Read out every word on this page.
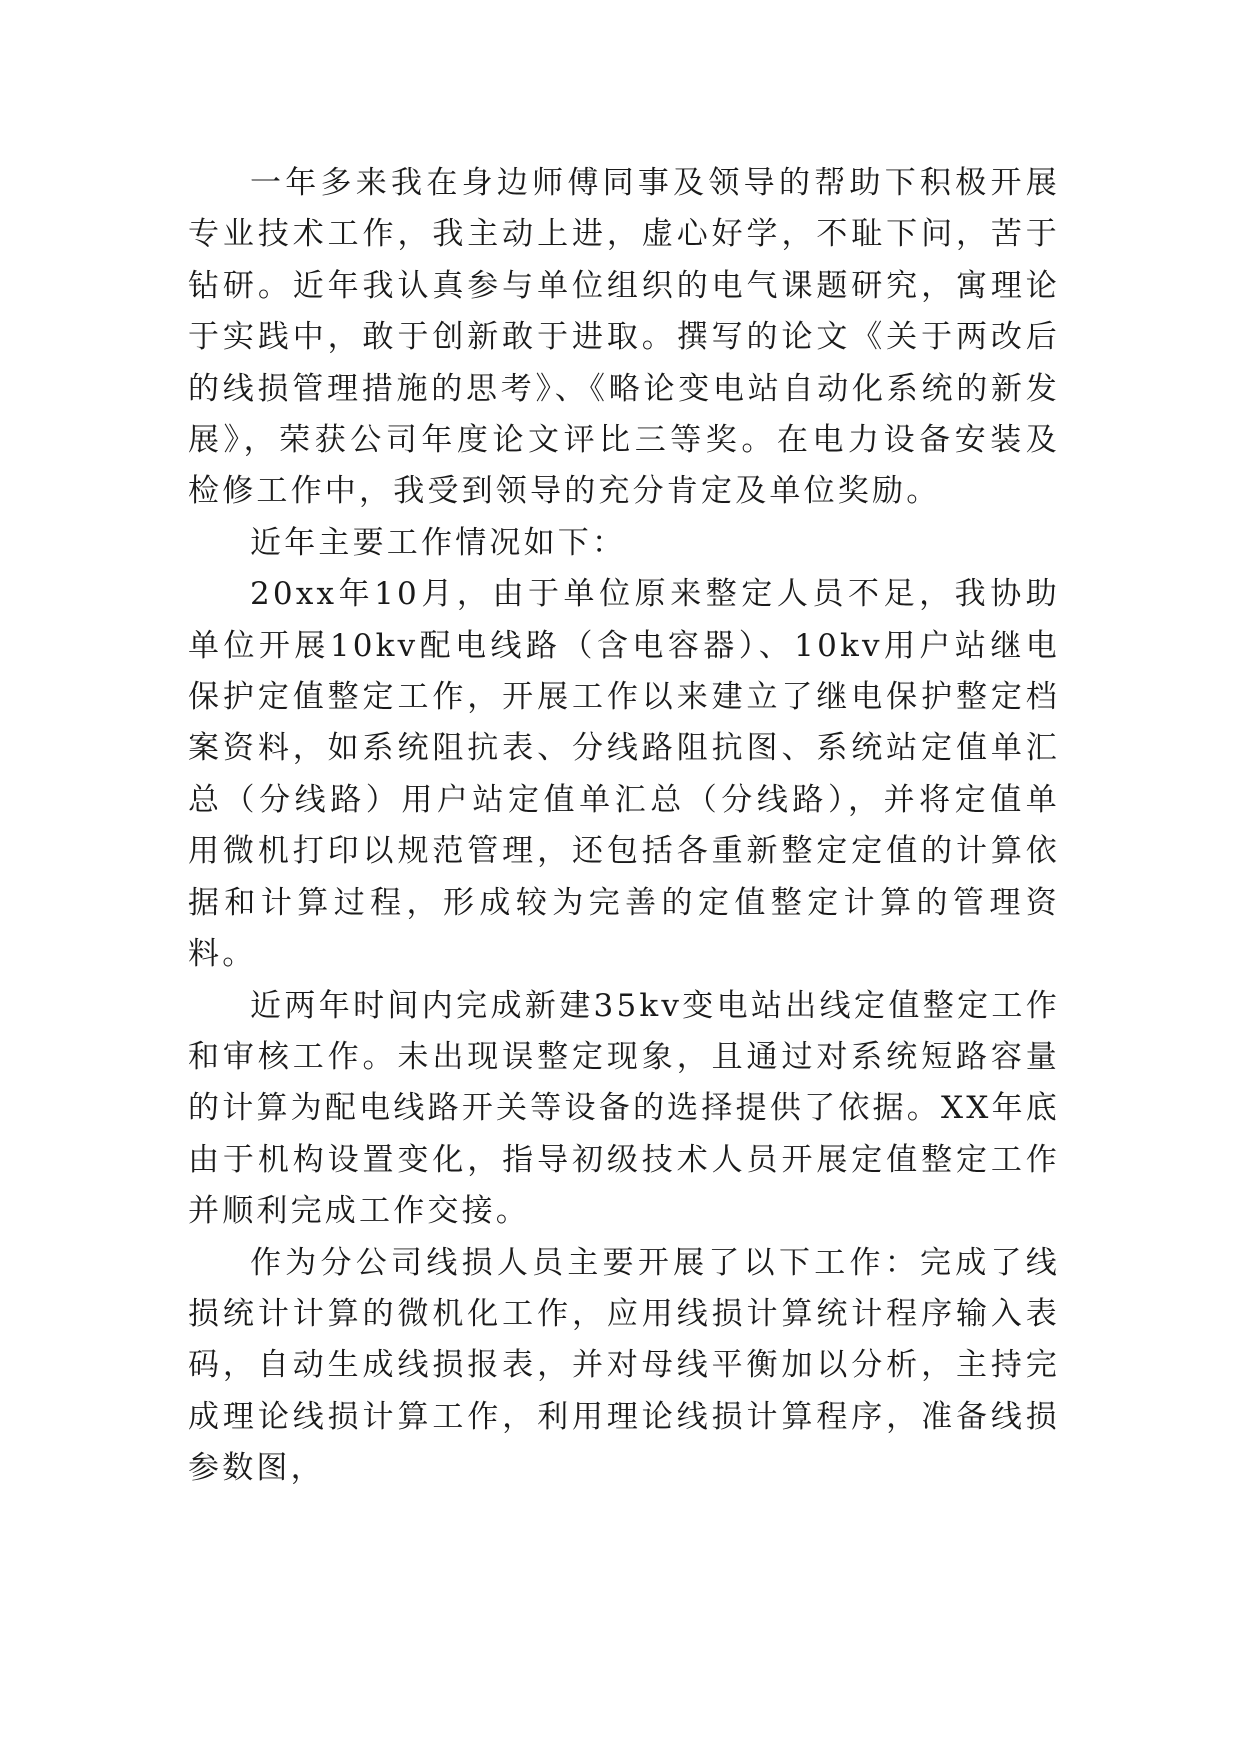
一年多来我在身边师傅同事及领导的帮助下积极开展专业技术工作，我主动上进，虚心好学，不耻下问，苦于钻研。近年我认真参与单位组织的电气课题研究，寓理论于实践中，敢于创新敢于进取。撰写的论文《关于两改后的线损管理措施的思考》、《略论变电站自动化系统的新发展》，荣获公司年度论文评比三等奖。在电力设备安装及检修工作中，我受到领导的充分肯定及单位奖励。

近年主要工作情况如下：

20xx年10月，由于单位原来整定人员不足，我协助单位开展10kv配电线路（含电容器）、10kv用户站继电保护定值整定工作，开展工作以来建立了继电保护整定档案资料，如系统阻抗表、分线路阻抗图、系统站定值单汇总（分线路）用户站定值单汇总（分线路），并将定值单用微机打印以规范管理，还包括各重新整定定值的计算依据和计算过程，形成较为完善的定值整定计算的管理资料。

近两年时间内完成新建35kv变电站出线定值整定工作和审核工作。未出现误整定现象，且通过对系统短路容量的计算为配电线路开关等设备的选择提供了依据。XX年底由于机构设置变化，指导初级技术人员开展定值整定工作并顺利完成工作交接。

作为分公司线损人员主要开展了以下工作：完成了线损统计计算的微机化工作，应用线损计算统计程序输入表码，自动生成线损报表，并对母线平衡加以分析，主持完成理论线损计算工作，利用理论线损计算程序，准备线损参数图，
